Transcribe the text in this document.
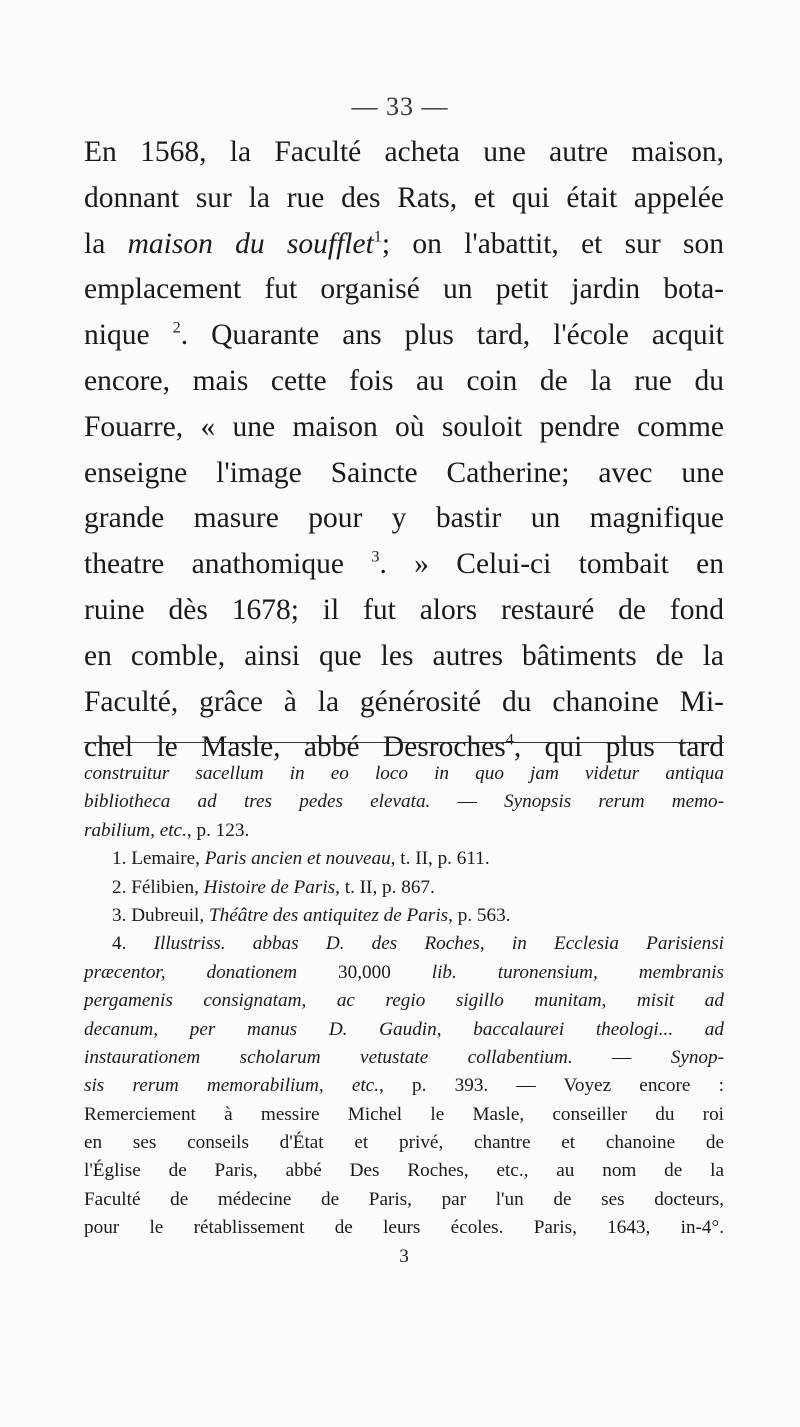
— 33 —
En 1568, la Faculté acheta une autre maison,
donnant sur la rue des Rats, et qui était appelée
la maison du soufflet$^1$; on l'abattit, et sur son
emplacement fut organisé un petit jardin bota-
nique $^2$. Quarante ans plus tard, l'école acquit
encore, mais cette fois au coin de la rue du
Fouarre, « une maison où souloit pendre comme
enseigne l'image Saincte Catherine; avec une
grande masure pour y bastir un magnifique
theatre anathomique $^3$. » Celui-ci tombait en
ruine dès 1678; il fut alors restauré de fond
en comble, ainsi que les autres bâtiments de la
Faculté, grâce à la générosité du chanoine Mi-
chel le Masle, abbé Desroches$^4$, qui plus tard
construitur sacellum in eo loco in quo jam videtur antiqua
bibliotheca ad tres pedes elevata. — Synopsis rerum memo-
rabilium, etc., p. 123.
1. Lemaire, Paris ancien et nouveau, t. II, p. 611.
2. Félibien, Histoire de Paris, t. II, p. 867.
3. Dubreuil, Théâtre des antiquitez de Paris, p. 563.
4. Illustriss. abbas D. des Roches, in Ecclesia Parisiensi
præcentor, donationem 30,000 lib. turonensium, membranis
pergamenis consignatam, ac regio sigillo munitam, misit ad
decanum, per manus D. Gaudin, baccalaurei theologi... ad
instaurationem scholarum vetustate collabentium. — Synop-
sis rerum memorabilium, etc., p. 393. — Voyez encore :
Remerciement à messire Michel le Masle, conseiller du roi
en ses conseils d'État et privé, chantre et chanoine de
l'Église de Paris, abbé Des Roches, etc., au nom de la
Faculté de médecine de Paris, par l'un de ses docteurs,
pour le rétablissement de leurs écoles. Paris, 1643, in-4°.
3
